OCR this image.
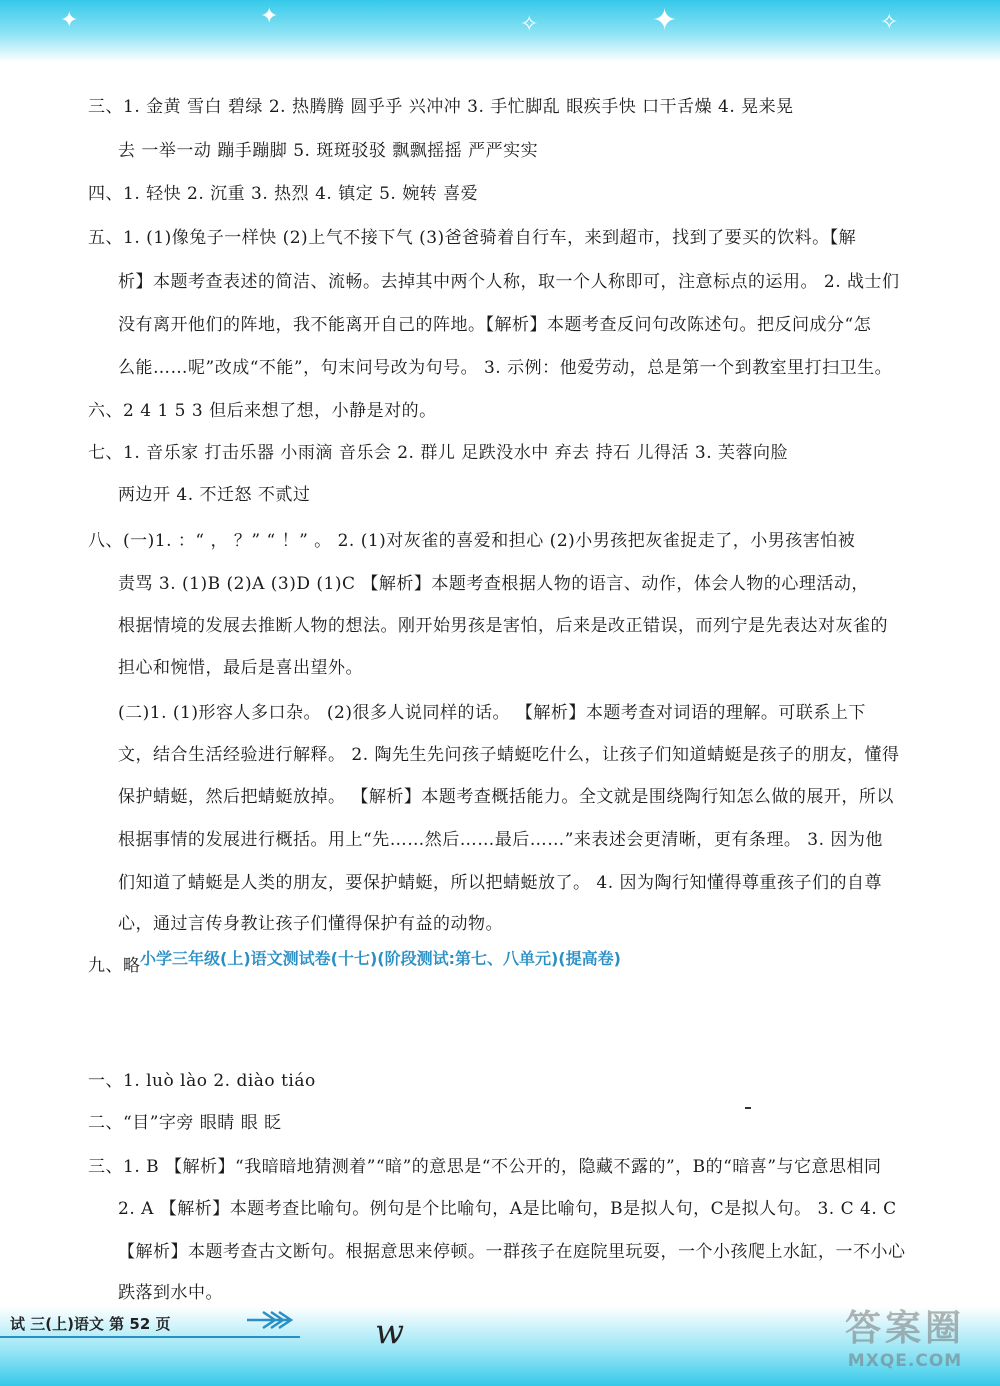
✦	✦	✧	✦	✧
三、1. 金黄 雪白 碧绿 2. 热腾腾 圆乎乎 兴冲冲 3. 手忙脚乱 眼疾手快 口干舌燥 4. 晃来晃
去 一举一动 蹦手蹦脚 5. 斑斑驳驳 飘飘摇摇 严严实实
四、1. 轻快 2. 沉重 3. 热烈 4. 镇定 5. 婉转 喜爱
五、1. (1)像兔子一样快 (2)上气不接下气 (3)爸爸骑着自行车，来到超市，找到了要买的饮料。【解
析】本题考查表述的简洁、流畅。去掉其中两个人称，取一个人称即可，注意标点的运用。 2. 战士们
没有离开他们的阵地，我不能离开自己的阵地。【解析】本题考查反问句改陈述句。把反问成分“怎
么能……呢”改成“不能”，句末问号改为句号。 3. 示例：他爱劳动，总是第一个到教室里打扫卫生。
六、2 4 1 5 3 但后来想了想，小静是对的。
七、1. 音乐家 打击乐器 小雨滴 音乐会 2. 群儿 足跌没水中 弃去 持石 儿得活 3. 芙蓉向脸
两边开 4. 不迁怒 不贰过
八、(一)1. ：“ ， ？” “ ！” 。 2. (1)对灰雀的喜爱和担心 (2)小男孩把灰雀捉走了，小男孩害怕被
责骂 3. (1)B (2)A (3)D (1)C 【解析】本题考查根据人物的语言、动作，体会人物的心理活动，
根据情境的发展去推断人物的想法。刚开始男孩是害怕，后来是改正错误，而列宁是先表达对灰雀的
担心和惋惜，最后是喜出望外。
(二)1. (1)形容人多口杂。 (2)很多人说同样的话。 【解析】本题考查对词语的理解。可联系上下
文，结合生活经验进行解释。 2. 陶先生先问孩子蜻蜓吃什么，让孩子们知道蜻蜓是孩子的朋友，懂得
保护蜻蜓，然后把蜻蜓放掉。 【解析】本题考查概括能力。全文就是围绕陶行知怎么做的展开，所以
根据事情的发展进行概括。用上“先……然后……最后……”来表述会更清晰，更有条理。 3. 因为他
们知道了蜻蜓是人类的朋友，要保护蜻蜓，所以把蜻蜓放了。 4. 因为陶行知懂得尊重孩子们的自尊
心，通过言传身教让孩子们懂得保护有益的动物。
九、略
一、1. luò lào 2. diào tiáo
二、“目”字旁 眼睛 眼 眨
三、1. B 【解析】“我暗暗地猜测着”“暗”的意思是“不公开的，隐藏不露的”，B的“暗喜”与它意思相同
2. A 【解析】本题考查比喻句。例句是个比喻句，A是比喻句，B是拟人句，C是拟人句。 3. C 4. C
【解析】本题考查古文断句。根据意思来停顿。一群孩子在庭院里玩耍，一个小孩爬上水缸，一不小心
跌落到水中。
小学三年级(上)语文测试卷(十七)(阶段测试:第七、八单元)(提高卷)
试 三(上)语文 第 52 页	w	答案圈
MXQE.COM
